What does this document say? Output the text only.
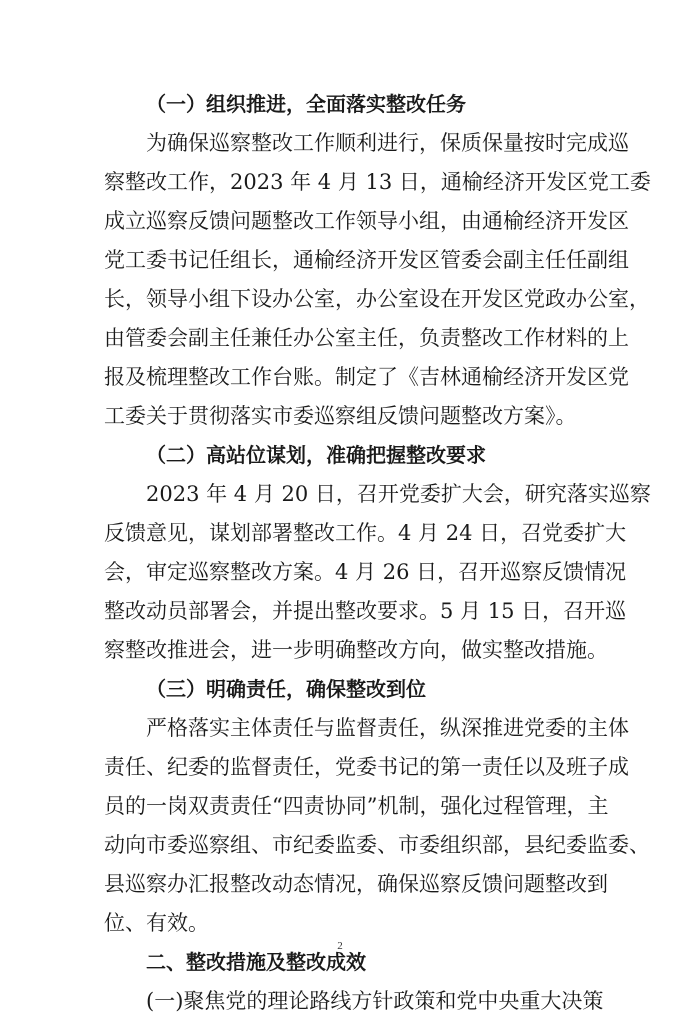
（一）组织推进，全面落实整改任务
为确保巡察整改工作顺利进行，保质保量按时完成巡
察整改工作，2023 年 4 月 13 日，通榆经济开发区党工委
成立巡察反馈问题整改工作领导小组，由通榆经济开发区
党工委书记任组长，通榆经济开发区管委会副主任任副组
长，领导小组下设办公室，办公室设在开发区党政办公室，
由管委会副主任兼任办公室主任，负责整改工作材料的上
报及梳理整改工作台账。制定了《吉林通榆经济开发区党
工委关于贯彻落实市委巡察组反馈问题整改方案》。
（二）高站位谋划，准确把握整改要求
2023 年 4 月 20 日，召开党委扩大会，研究落实巡察
反馈意见，谋划部署整改工作。4 月 24 日，召党委扩大
会，审定巡察整改方案。4 月 26 日，召开巡察反馈情况
整改动员部署会，并提出整改要求。5 月 15 日，召开巡
察整改推进会，进一步明确整改方向，做实整改措施。
（三）明确责任，确保整改到位
严格落实主体责任与监督责任，纵深推进党委的主体
责任、纪委的监督责任，党委书记的第一责任以及班子成
员的一岗双责责任“四责协同”机制，强化过程管理，主
动向市委巡察组、市纪委监委、市委组织部，县纪委监委、
县巡察办汇报整改动态情况，确保巡察反馈问题整改到
位、有效。
二、整改措施及整改成效
(一)聚焦党的理论路线方针政策和党中央重大决策
2
